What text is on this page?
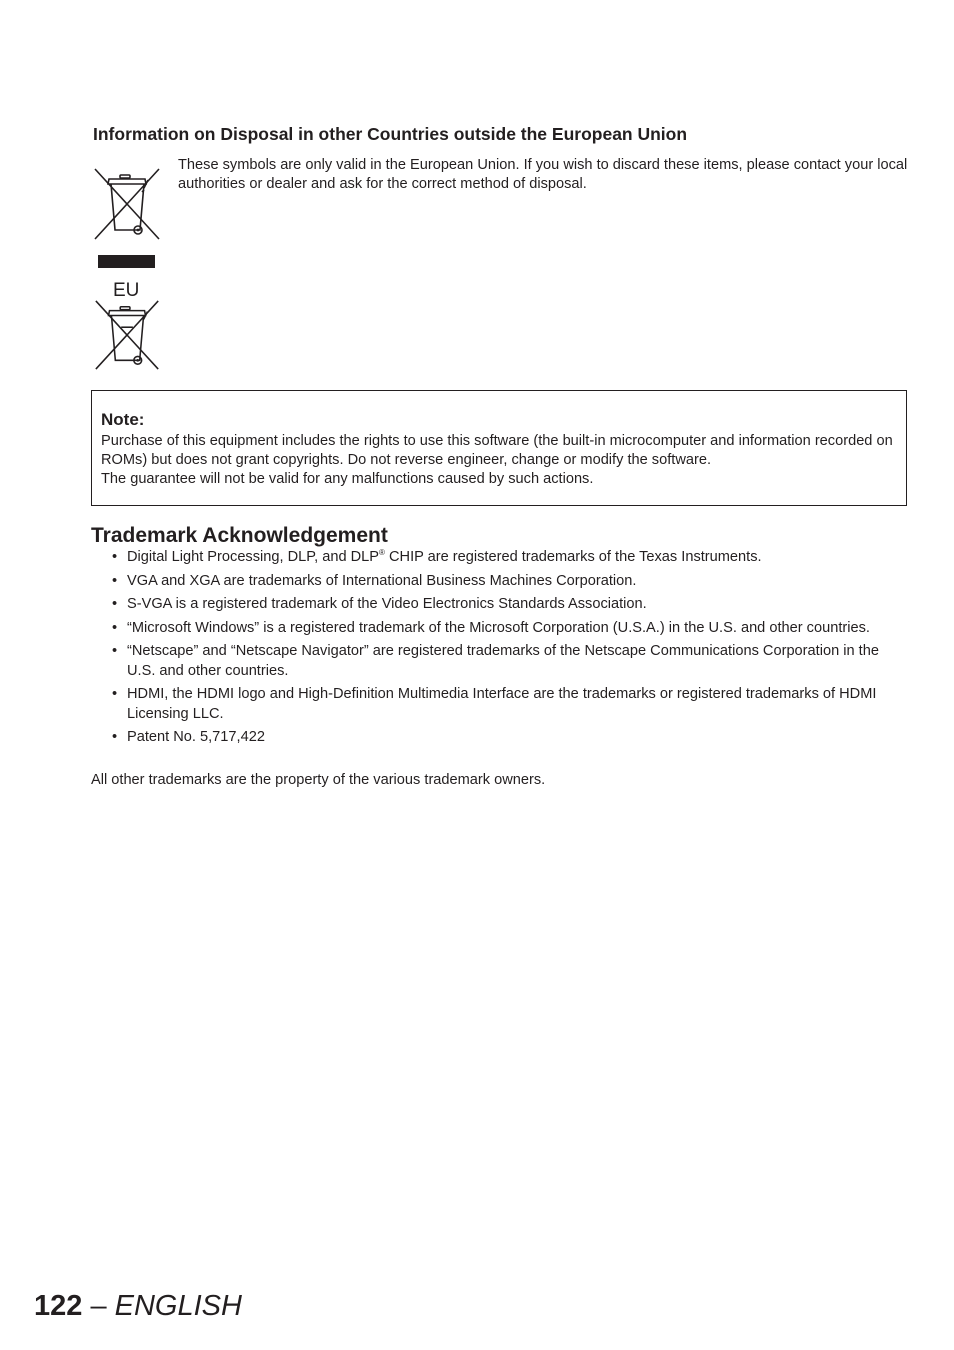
Information on Disposal in other Countries outside the European Union

These symbols are only valid in the European Union. If you wish to discard these items, please contact your local authorities or dealer and ask for the correct method of disposal.

EU

Note:
Purchase of this equipment includes the rights to use this software (the built-in microcomputer and information recorded on ROMs) but does not grant copyrights. Do not reverse engineer, change or modify the software.
The guarantee will not be valid for any malfunctions caused by such actions.
Trademark Acknowledgement
• Digital Light Processing, DLP, and DLP® CHIP are registered trademarks of the Texas Instruments.
• VGA and XGA are trademarks of International Business Machines Corporation.
• S-VGA is a registered trademark of the Video Electronics Standards Association.
• “Microsoft Windows” is a registered trademark of the Microsoft Corporation (U.S.A.) in the U.S. and other countries.
• “Netscape” and “Netscape Navigator” are registered trademarks of the Netscape Communications Corporation in the U.S. and other countries.
• HDMI, the HDMI logo and High-Definition Multimedia Interface are the trademarks or registered trademarks of HDMI Licensing LLC.
• Patent No. 5,717,422

All other trademarks are the property of the various trademark owners.

122 – ENGLISH
